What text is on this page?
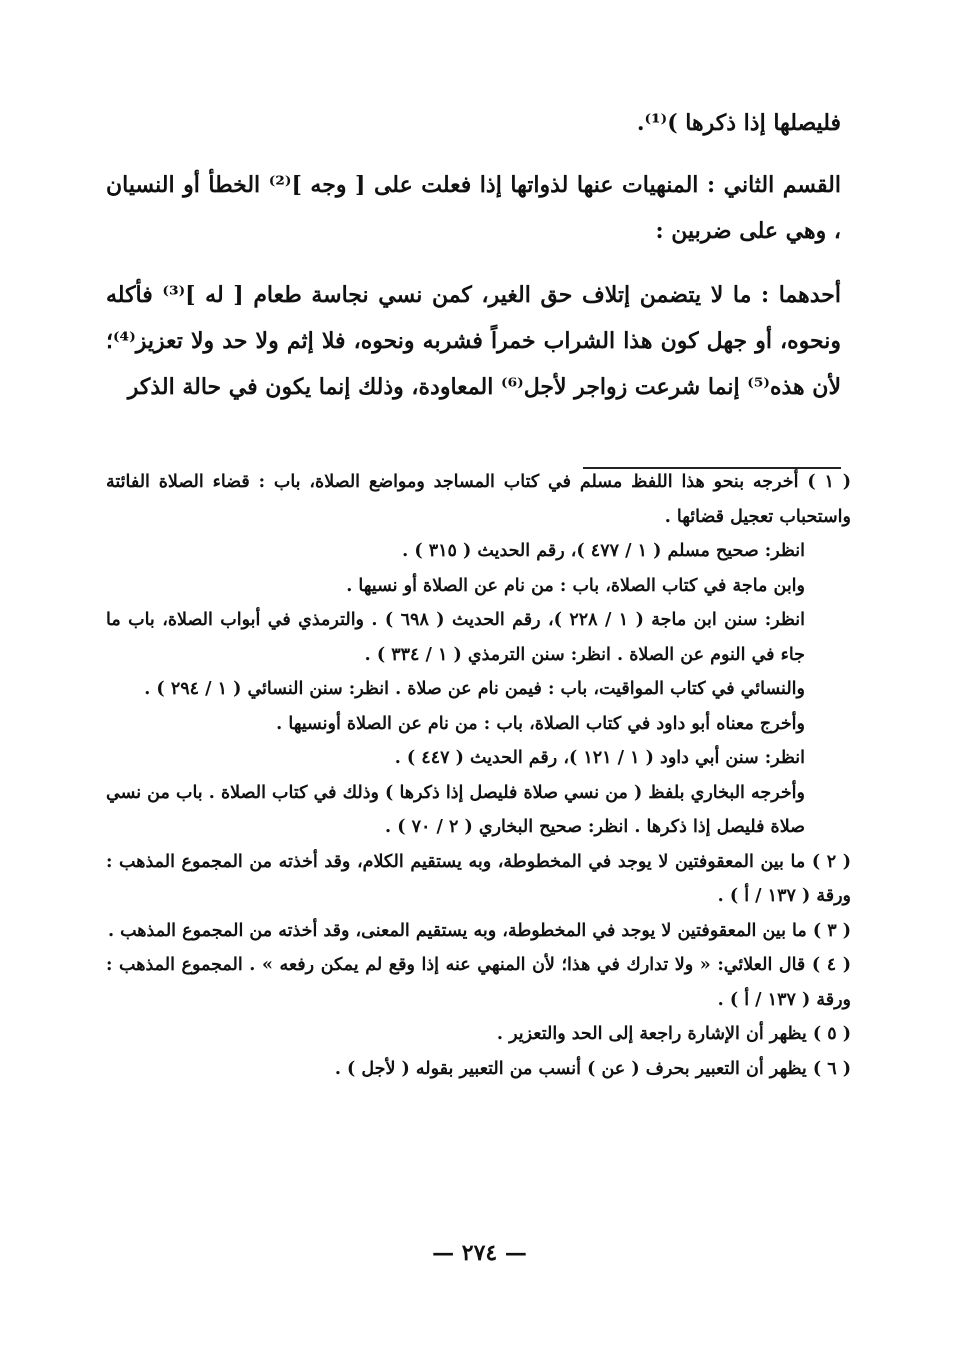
فليصلها إذا ذكرها )⁽¹⁾.

القسم الثاني : المنهيات عنها لذواتها إذا فعلت على [ وجه ]⁽²⁾ الخطأ أو النسيان ، وهي على ضربين :

أحدهما : ما لا يتضمن إتلاف حق الغير، كمن نسي نجاسة طعام [ له ]⁽³⁾ فأكله ونحوه، أو جهل كون هذا الشراب خمراً فشربه ونحوه، فلا إثم ولا حد ولا تعزيز⁽⁴⁾؛ لأن هذه⁽⁵⁾ إنما شرعت زواجر لأجل⁽⁶⁾ المعاودة، وذلك إنما يكون في حالة الذكر

( ١ ) أخرجه بنحو هذا اللفظ مسلم في كتاب المساجد ومواضع الصلاة، باب : قضاء الصلاة الفائتة واستحباب تعجيل قضائها .

انظر: صحيح مسلم ( ١ / ٤٧٧ )، رقم الحديث ( ٣١٥ ) .

وابن ماجة في كتاب الصلاة، باب : من نام عن الصلاة أو نسيها .

انظر: سنن ابن ماجة ( ١ / ٢٢٨ )، رقم الحديث ( ٦٩٨ ) . والترمذي في أبواب الصلاة، باب ما جاء في النوم عن الصلاة . انظر: سنن الترمذي ( ١ / ٣٣٤ ) .

والنسائي في كتاب المواقيت، باب : فيمن نام عن صلاة . انظر: سنن النسائي ( ١ / ٢٩٤ ) .

وأخرج معناه أبو داود في كتاب الصلاة، باب : من نام عن الصلاة أونسيها .

انظر: سنن أبي داود ( ١ / ١٢١ )، رقم الحديث ( ٤٤٧ ) .

وأخرجه البخاري بلفظ ( من نسي صلاة فليصل إذا ذكرها ) وذلك في كتاب الصلاة . باب من نسي صلاة فليصل إذا ذكرها . انظر: صحيح البخاري ( ٢ / ٧٠ ) .

( ٢ ) ما بين المعقوفتين لا يوجد في المخطوطة، وبه يستقيم الكلام، وقد أخذته من المجموع المذهب : ورقة ( ١٣٧ / أ ) .

( ٣ ) ما بين المعقوفتين لا يوجد في المخطوطة، وبه يستقيم المعنى، وقد أخذته من المجموع المذهب .

( ٤ ) قال العلائي: « ولا تدارك في هذا؛ لأن المنهي عنه إذا وقع لم يمكن رفعه » . المجموع المذهب : ورقة ( ١٣٧ / أ ) .

( ٥ ) يظهر أن الإشارة راجعة إلى الحد والتعزير .

( ٦ ) يظهر أن التعبير بحرف ( عن ) أنسب من التعبير بقوله ( لأجل ) .

— ٢٧٤ —
